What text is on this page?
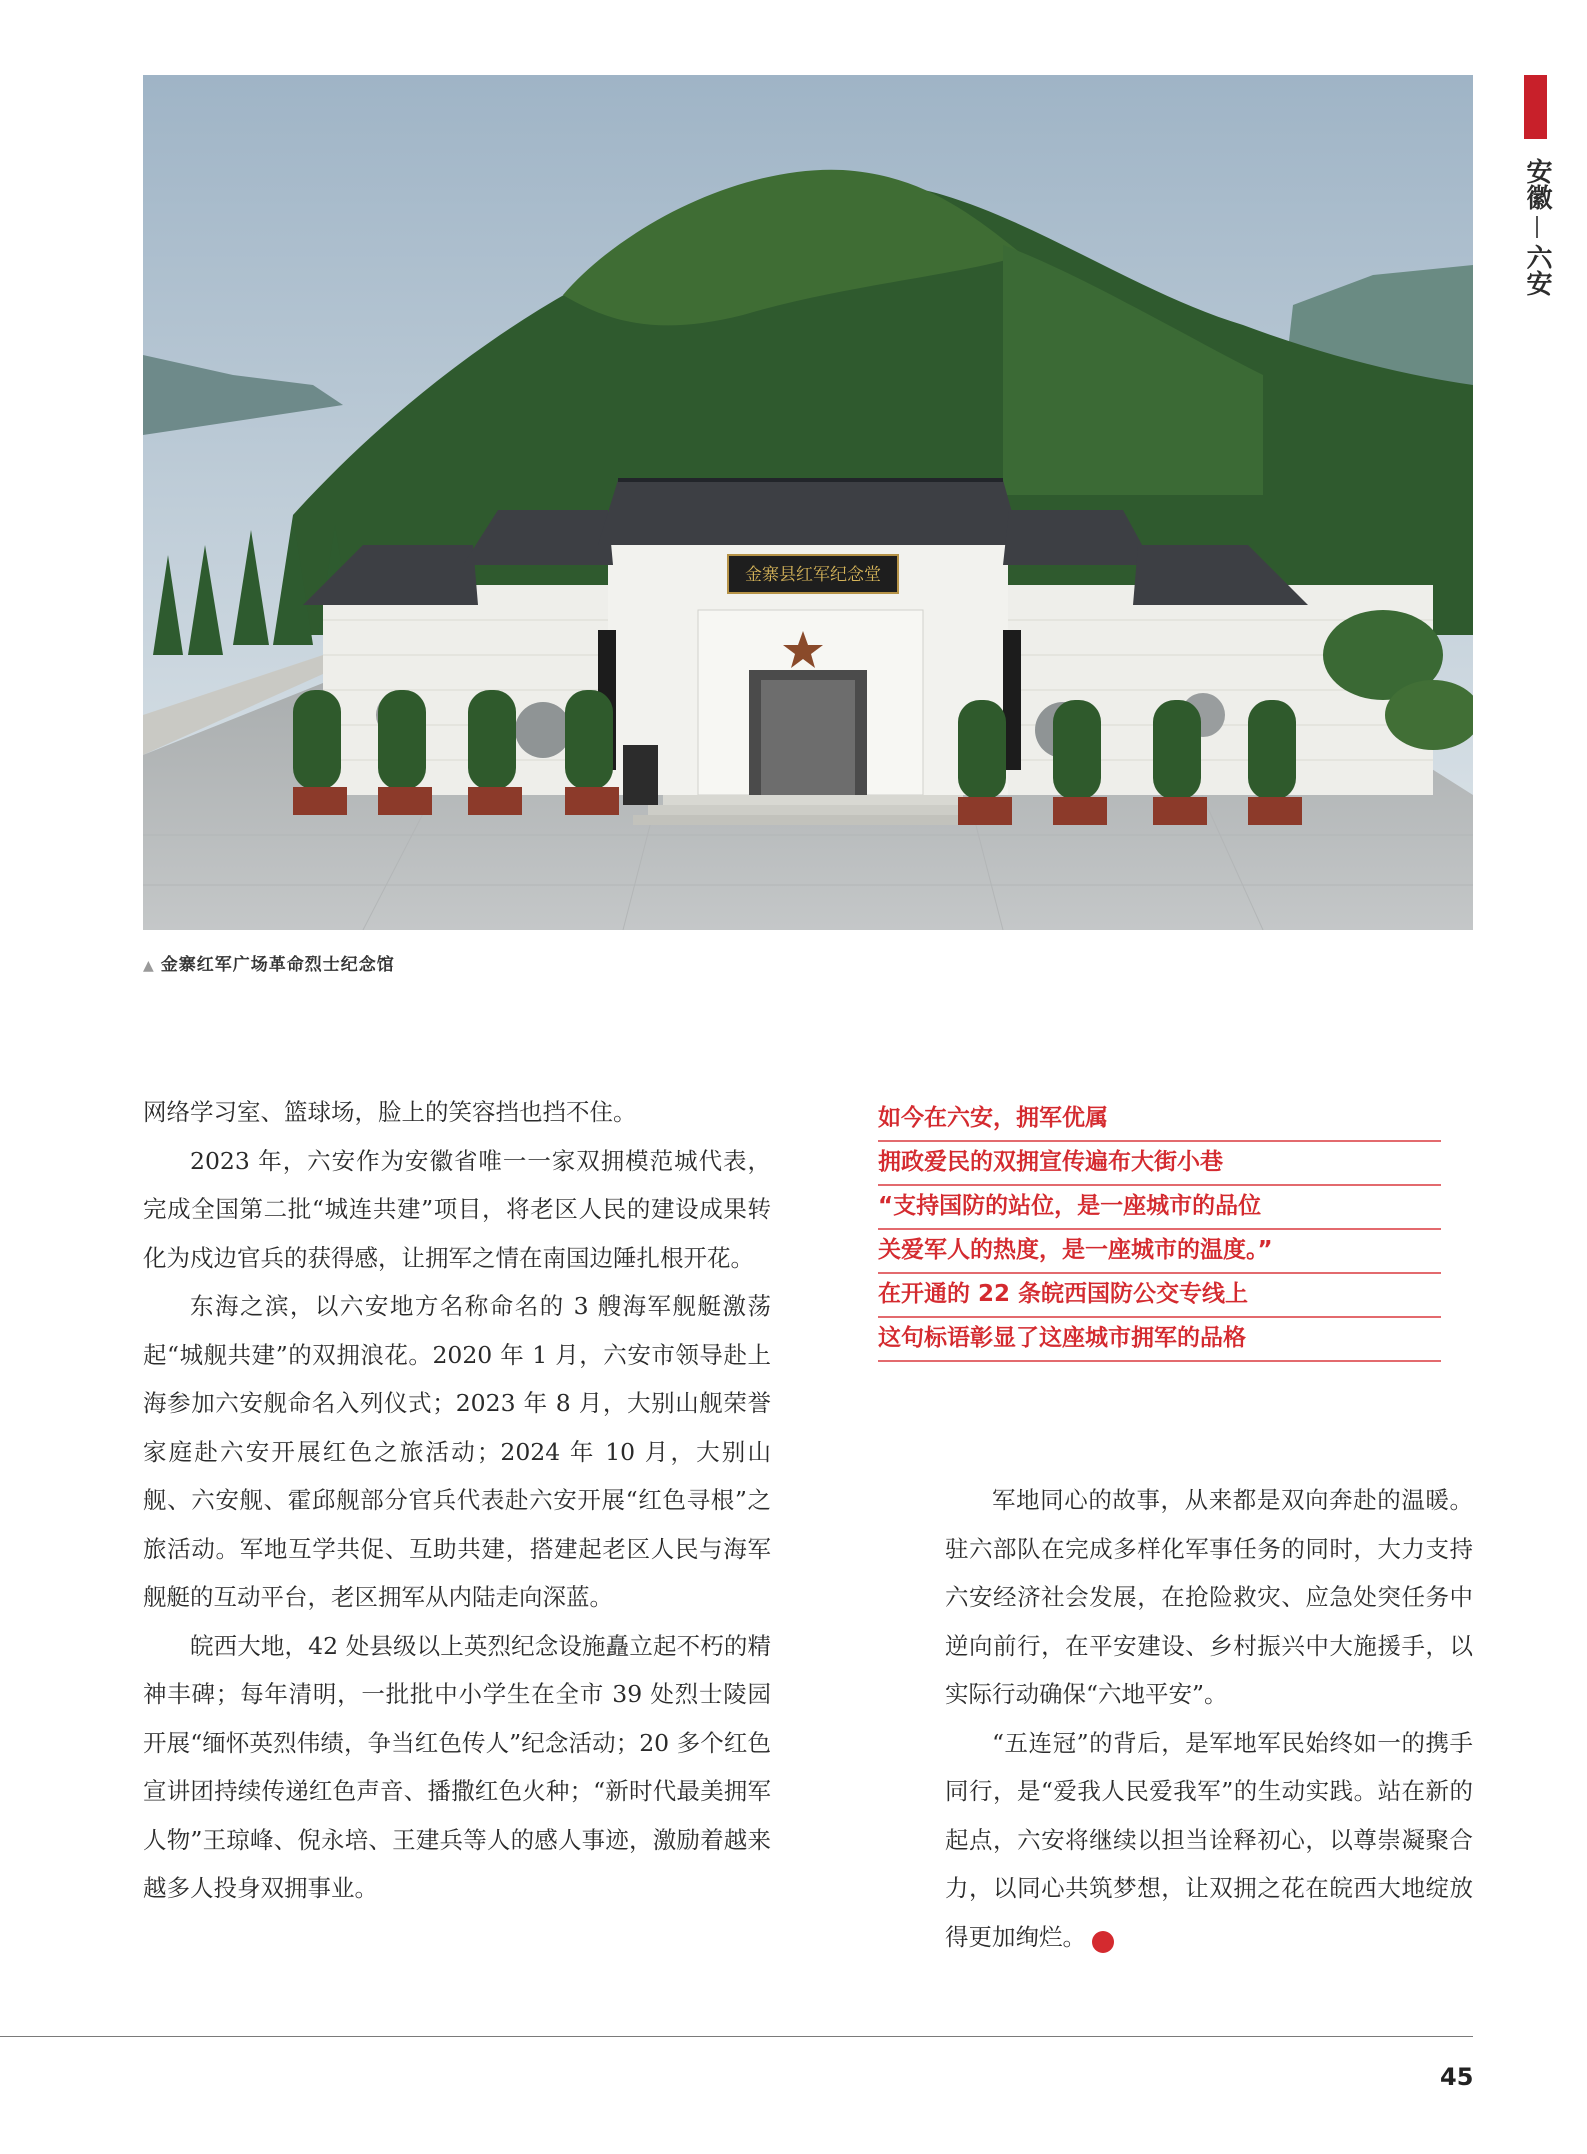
金寨县红军纪念堂
▲ 金寨红军广场革命烈士纪念馆
安徽
六安

网络学习室、篮球场，脸上的笑容挡也挡不住。

2023 年，六安作为安徽省唯一一家双拥模范城代表，完成全国第二批“城连共建”项目，将老区人民的建设成果转化为戍边官兵的获得感，让拥军之情在南国边陲扎根开花。

东海之滨，以六安地方名称命名的 3 艘海军舰艇激荡起“城舰共建”的双拥浪花。2020 年 1 月，六安市领导赴上海参加六安舰命名入列仪式；2023 年 8 月，大别山舰荣誉家庭赴六安开展红色之旅活动；2024 年 10 月，大别山舰、六安舰、霍邱舰部分官兵代表赴六安开展“红色寻根”之旅活动。军地互学共促、互助共建，搭建起老区人民与海军舰艇的互动平台，老区拥军从内陆走向深蓝。

皖西大地，42 处县级以上英烈纪念设施矗立起不朽的精神丰碑；每年清明，一批批中小学生在全市 39 处烈士陵园开展“缅怀英烈伟绩，争当红色传人”纪念活动；20 多个红色宣讲团持续传递红色声音、播撒红色火种；“新时代最美拥军人物”王琼峰、倪永培、王建兵等人的感人事迹，激励着越来越多人投身双拥事业。

如今在六安，拥军优属
拥政爱民的双拥宣传遍布大街小巷
“支持国防的站位，是一座城市的品位
关爱军人的热度，是一座城市的温度。”
在开通的 22 条皖西国防公交专线上
这句标语彰显了这座城市拥军的品格

军地同心的故事，从来都是双向奔赴的温暖。驻六部队在完成多样化军事任务的同时，大力支持六安经济社会发展，在抢险救灾、应急处突任务中逆向前行，在平安建设、乡村振兴中大施援手，以实际行动确保“六地平安”。

“五连冠”的背后，是军地军民始终如一的携手同行，是“爱我人民爱我军”的生动实践。站在新的起点，六安将继续以担当诠释初心，以尊崇凝聚合力，以同心共筑梦想，让双拥之花在皖西大地绽放得更加绚烂。	N

45
